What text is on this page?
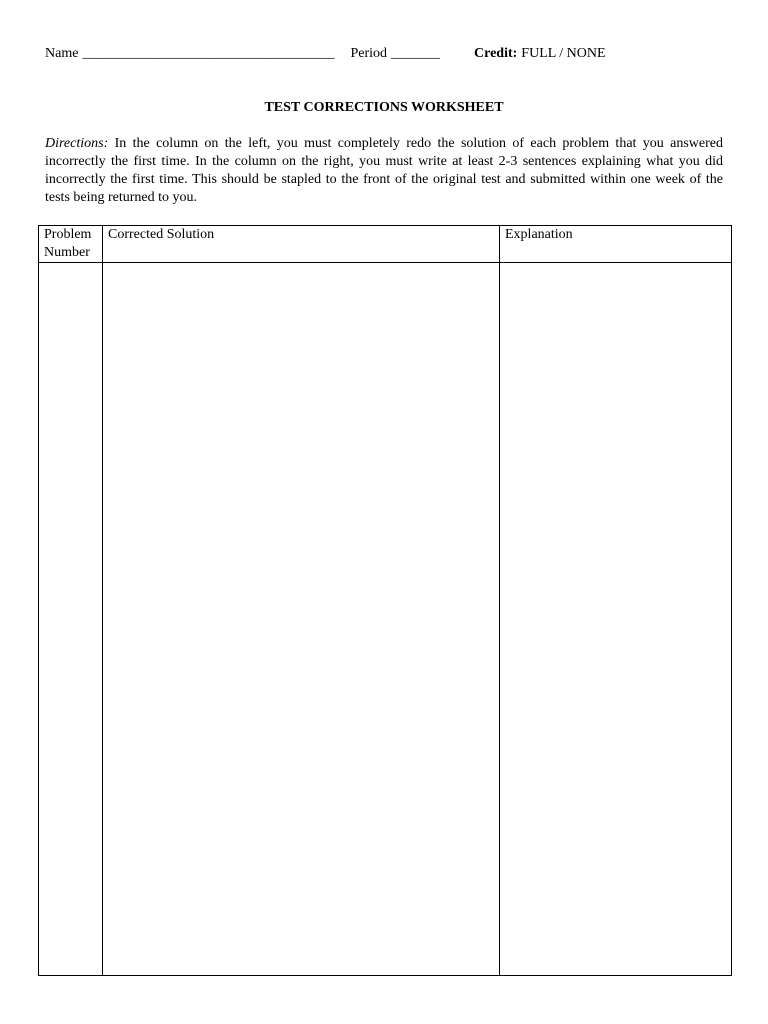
Name ____________________________________ Period _______ Credit: FULL / NONE
TEST CORRECTIONS WORKSHEET
Directions: In the column on the left, you must completely redo the solution of each problem that you answered incorrectly the first time. In the column on the right, you must write at least 2-3 sentences explaining what you did incorrectly the first time. This should be stapled to the front of the original test and submitted within one week of the tests being returned to you.
Problem
Number	Corrected Solution	Explanation
